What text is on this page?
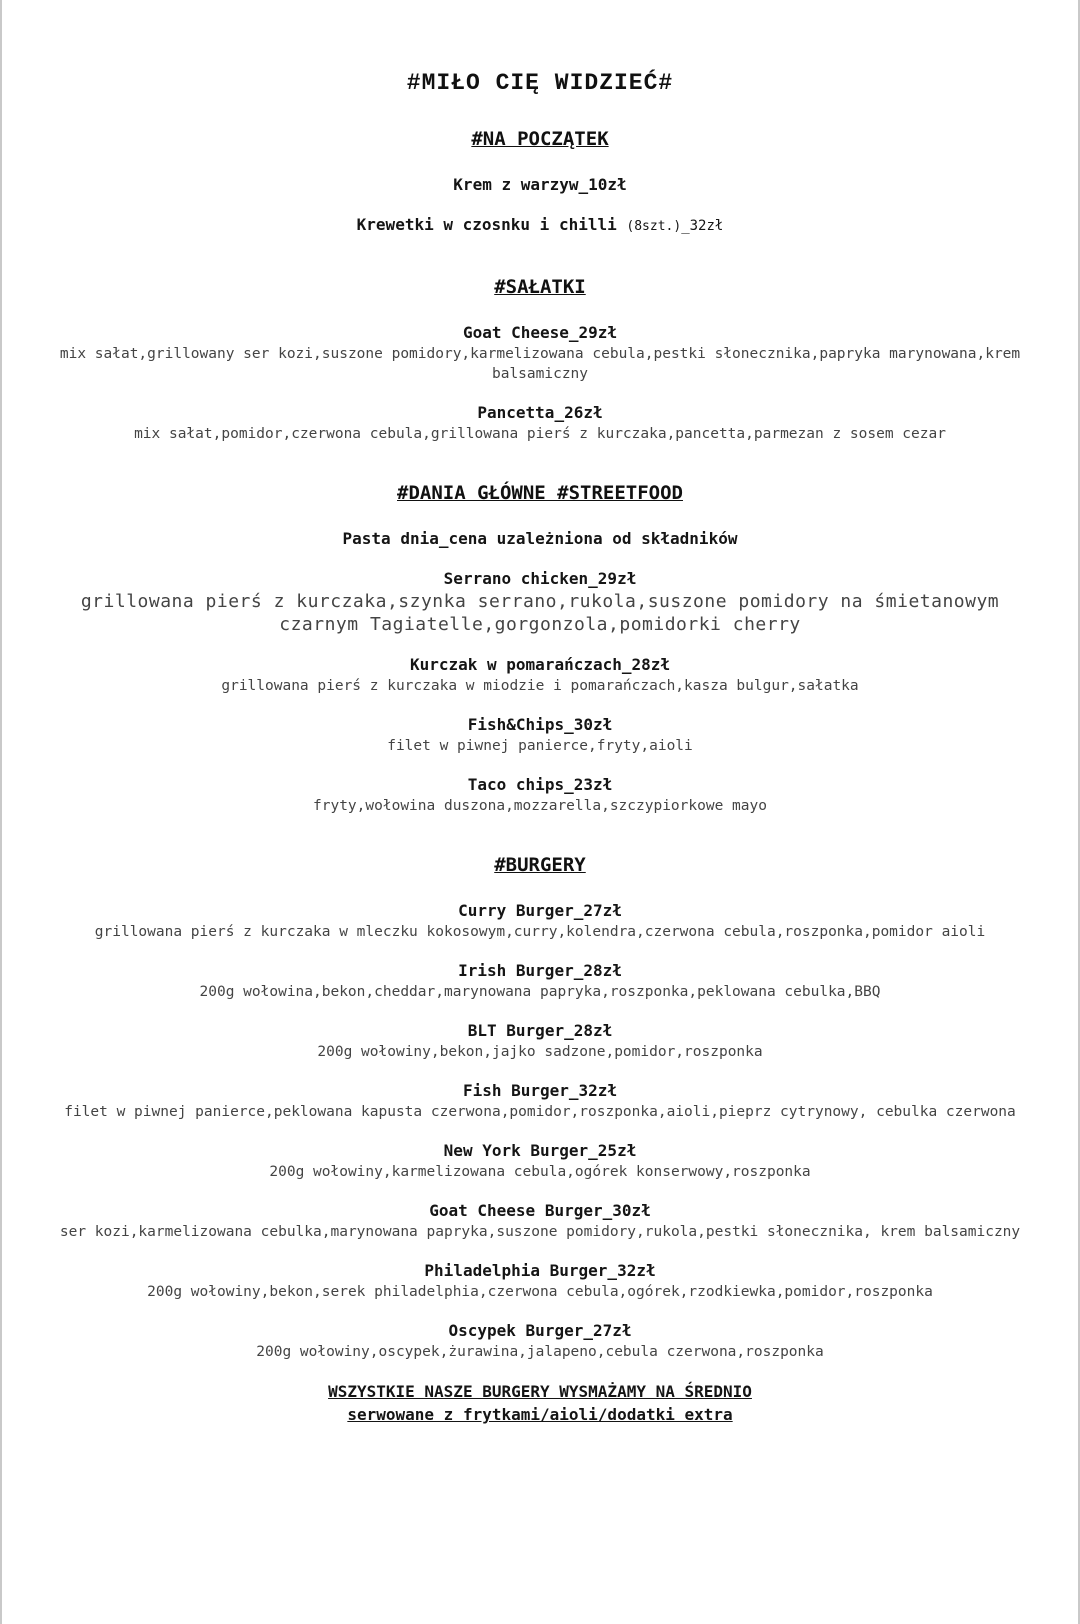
#MIŁO CIĘ WIDZIEĆ#
#NA POCZĄTEK
Krem z warzyw_10zł
Krewetki w czosnku i chilli (8szt.)_32zł
#SAŁATKI
Goat Cheese_29zł
mix sałat,grillowany ser kozi,suszone pomidory,karmelizowana cebula,pestki słonecznika,papryka marynowana,krem balsamiczny
Pancetta_26zł
mix sałat,pomidor,czerwona cebula,grillowana pierś z kurczaka,pancetta,parmezan z sosem cezar
#DANIA GŁÓWNE #STREETFOOD
Pasta dnia_cena uzależniona od składników
Serrano chicken_29zł
grillowana pierś z kurczaka,szynka serrano,rukola,suszone pomidory na śmietanowym czarnym Tagiatelle,gorgonzola,pomidorki cherry
Kurczak w pomarańczach_28zł
grillowana pierś z kurczaka w miodzie i pomarańczach,kasza bulgur,sałatka
Fish&Chips_30zł
filet w piwnej panierce,fryty,aioli
Taco chips_23zł
fryty,wołowina duszona,mozzarella,szczypiorkowe mayo
#BURGERY
Curry Burger_27zł
grillowana pierś z kurczaka w mleczku kokosowym,curry,kolendra,czerwona cebula,roszponka,pomidor aioli
Irish Burger_28zł
200g wołowina,bekon,cheddar,marynowana papryka,roszponka,peklowana cebulka,BBQ
BLT Burger_28zł
200g wołowiny,bekon,jajko sadzone,pomidor,roszponka
Fish Burger_32zł
filet w piwnej panierce,peklowana kapusta czerwona,pomidor,roszponka,aioli,pieprz cytrynowy, cebulka czerwona
New York Burger_25zł
200g wołowiny,karmelizowana cebula,ogórek konserwowy,roszponka
Goat Cheese Burger_30zł
ser kozi,karmelizowana cebulka,marynowana papryka,suszone pomidory,rukola,pestki słonecznika, krem balsamiczny
Philadelphia Burger_32zł
200g wołowiny,bekon,serek philadelphia,czerwona cebula,ogórek,rzodkiewka,pomidor,roszponka
Oscypek Burger_27zł
200g wołowiny,oscypek,żurawina,jalapeno,cebula czerwona,roszponka
WSZYSTKIE NASZE BURGERY WYSMAŻAMY NA ŚREDNIO
serwowane z frytkami/aioli/dodatki extra
